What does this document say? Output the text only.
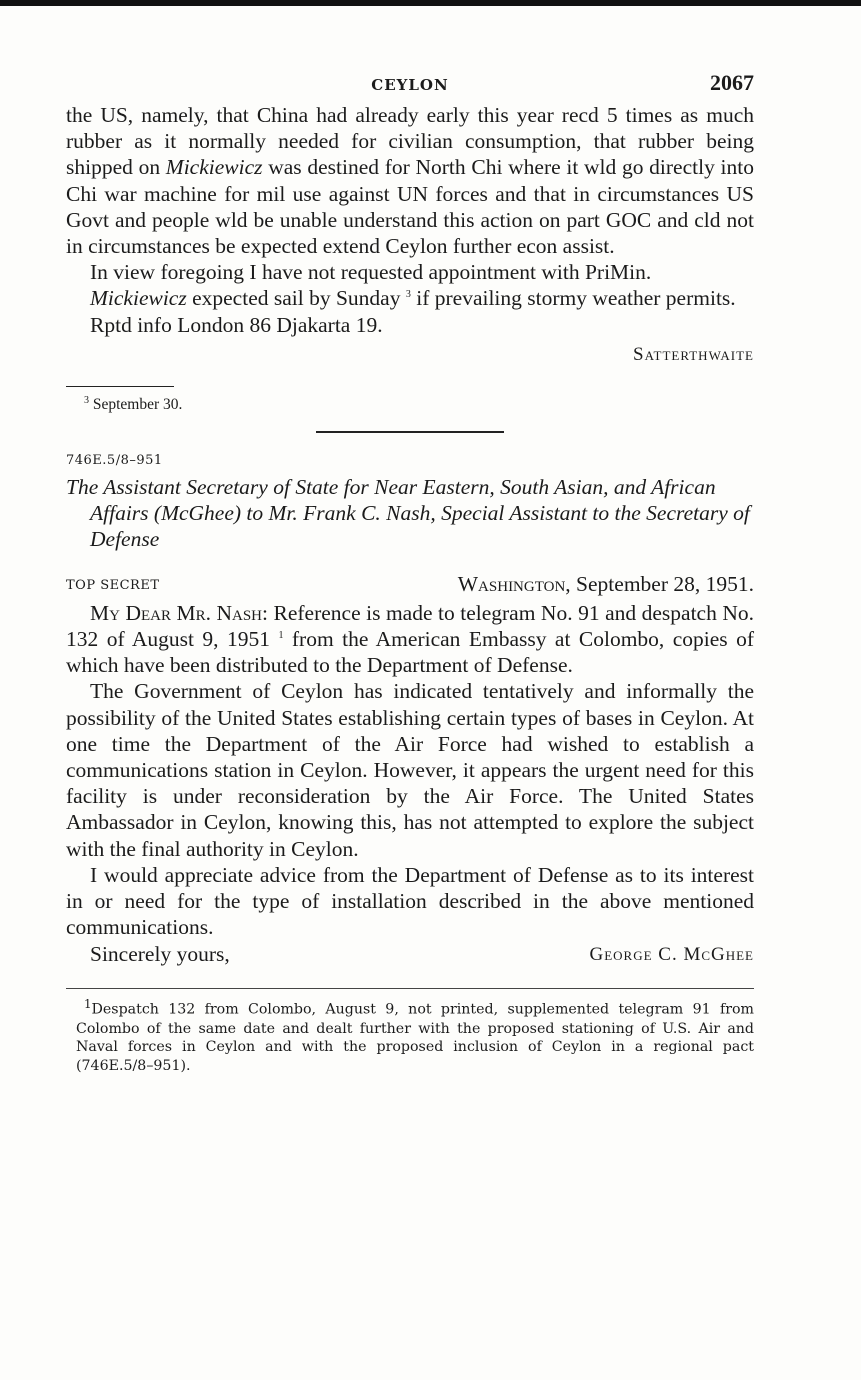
CEYLON	2067

the US, namely, that China had already early this year recd 5 times as much rubber as it normally needed for civilian consumption, that rubber being shipped on Mickiewicz was destined for North Chi where it wld go directly into Chi war machine for mil use against UN forces and that in circumstances US Govt and people wld be unable understand this action on part GOC and cld not in circumstances be expected extend Ceylon further econ assist.

In view foregoing I have not requested appointment with PriMin.

Mickiewicz expected sail by Sunday $^3$ if prevailing stormy weather permits.

Rptd info London 86 Djakarta 19.

Satterthwaite
$^3$ September 30.
746E.5/8–951

The Assistant Secretary of State for Near Eastern, South Asian, and African Affairs (McGhee) to Mr. Frank C. Nash, Special Assistant to the Secretary of Defense

TOP SECRET	Washington, September 28, 1951.

My Dear Mr. Nash: Reference is made to telegram No. 91 and despatch No. 132 of August 9, 1951 $^1$ from the American Embassy at Colombo, copies of which have been distributed to the Department of Defense.

The Government of Ceylon has indicated tentatively and informally the possibility of the United States establishing certain types of bases in Ceylon. At one time the Department of the Air Force had wished to establish a communications station in Ceylon. However, it appears the urgent need for this facility is under reconsideration by the Air Force. The United States Ambassador in Ceylon, knowing this, has not attempted to explore the subject with the final authority in Ceylon.

I would appreciate advice from the Department of Defense as to its interest in or need for the type of installation described in the above mentioned communications.

Sincerely yours,	George C. McGhee

$^1$Despatch 132 from Colombo, August 9, not printed, supplemented telegram 91 from Colombo of the same date and dealt further with the proposed stationing of U.S. Air and Naval forces in Ceylon and with the proposed inclusion of Ceylon in a regional pact (746E.5/8–951).
